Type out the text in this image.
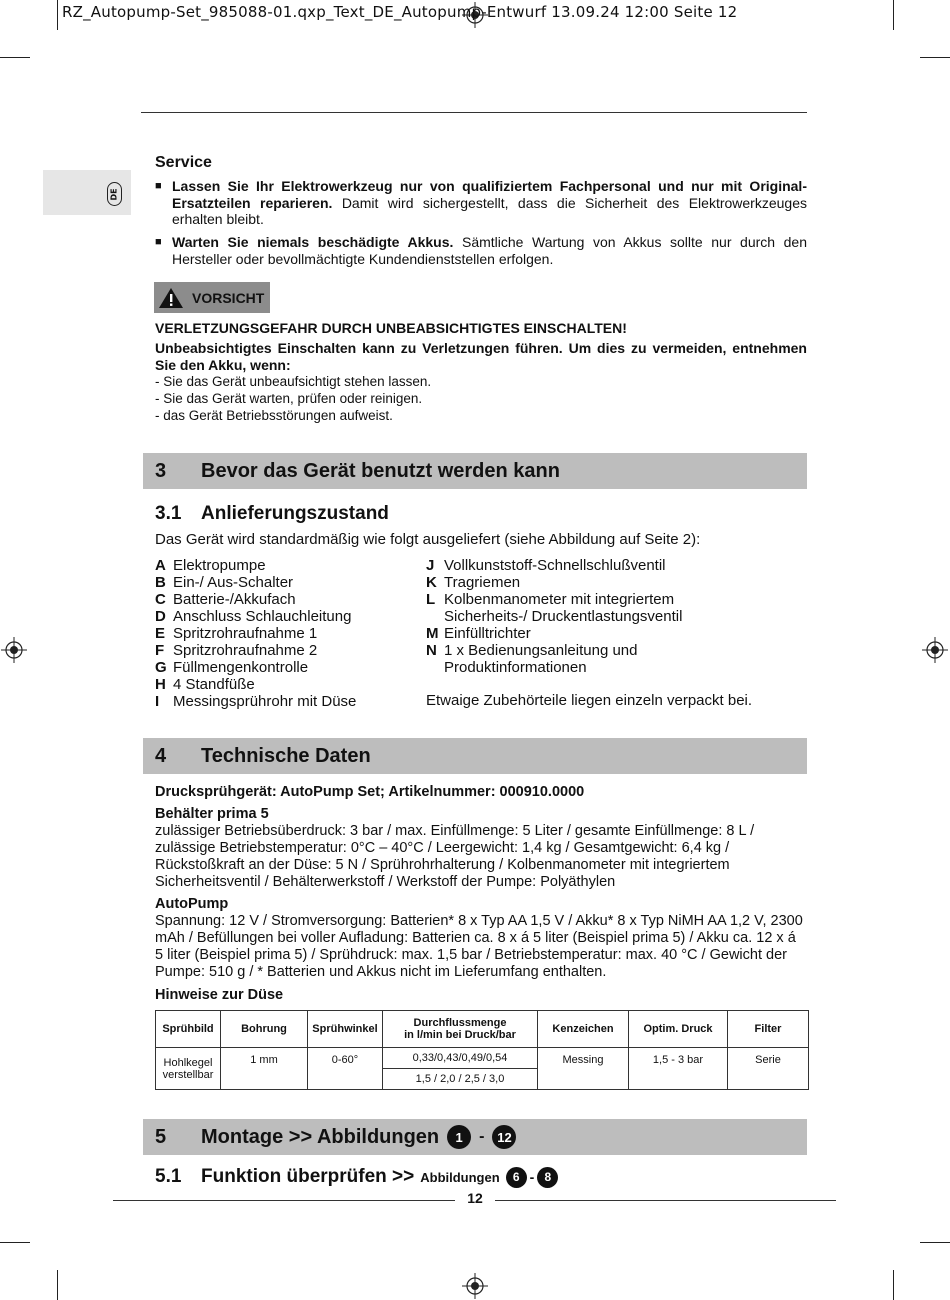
RZ_Autopump-Set_985088-01.qxp_Text_DE_Autopump-Entwurf 13.09.24 12:00 Seite 12
DE
Service
■ Lassen Sie Ihr Elektrowerkzeug nur von qualifiziertem Fachpersonal und nur mit Original-Ersatzteilen reparieren. Damit wird sichergestellt, dass die Sicherheit des Elektrowerkzeuges erhalten bleibt.
■ Warten Sie niemals beschädigte Akkus. Sämtliche Wartung von Akkus sollte nur durch den Hersteller oder bevollmächtigte Kundendienststellen erfolgen.
VORSICHT
VERLETZUNGSGEFAHR DURCH UNBEABSICHTIGTES EINSCHALTEN!
Unbeabsichtigtes Einschalten kann zu Verletzungen führen. Um dies zu vermeiden, entnehmen Sie den Akku, wenn:
- Sie das Gerät unbeaufsichtigt stehen lassen.
- Sie das Gerät warten, prüfen oder reinigen.
- das Gerät Betriebsstörungen aufweist.
3	Bevor das Gerät benutzt werden kann
3.1	Anlieferungszustand
Das Gerät wird standardmäßig wie folgt ausgeliefert (siehe Abbildung auf Seite 2):
A Elektropumpe
B Ein-/ Aus-Schalter
C Batterie-/Akkufach
D Anschluss Schlauchleitung
E Spritzrohraufnahme 1
F Spritzrohraufnahme 2
G Füllmengenkontrolle
H 4 Standfüße
I Messingsprührohr mit Düse
J Vollkunststoff-Schnellschlußventil
K Tragriemen
L Kolbenmanometer mit integriertem
Sicherheits-/ Druckentlastungsventil
M Einfülltrichter
N 1 x Bedienungsanleitung und
Produktinformationen
Etwaige Zubehörteile liegen einzeln verpackt bei.
4	Technische Daten
Drucksprühgerät: AutoPump Set; Artikelnummer: 000910.0000
Behälter prima 5
zulässiger Betriebsüberdruck: 3 bar / max. Einfüllmenge: 5 Liter / gesamte Einfüllmenge: 8 L / zulässige Betriebstemperatur: 0°C – 40°C / Leergewicht: 1,4 kg / Gesamtgewicht: 6,4 kg / Rückstoßkraft an der Düse: 5 N / Sprührohrhalterung / Kolbenmanometer mit integriertem Sicherheitsventil / Behälterwerkstoff / Werkstoff der Pumpe: Polyäthylen
AutoPump
Spannung: 12 V / Stromversorgung: Batterien* 8 x Typ AA 1,5 V / Akku* 8 x Typ NiMH AA 1,2 V, 2300 mAh / Befüllungen bei voller Aufladung: Batterien ca. 8 x á 5 liter (Beispiel prima 5) / Akku ca. 12 x á 5 liter (Beispiel prima 5) / Sprühdruck: max. 1,5 bar / Betriebstemperatur: max. 40 °C / Gewicht der Pumpe: 510 g / * Batterien und Akkus nicht im Lieferumfang enthalten.
Hinweise zur Düse
Sprühbild	Bohrung	Sprühwinkel	Durchflussmenge
in l/min bei Druck/bar	Kenzeichen	Optim. Druck	Filter
Hohlkegel
verstellbar	1 mm	0-60°	0,33/0,43/0,49/0,54	Messing	1,5 - 3 bar	Serie
			1,5 / 2,0 / 2,5 / 3,0			
5	Montage >> Abbildungen	1	- 12
5.1	Funktion überprüfen >> Abbildungen	6 - 8
12
